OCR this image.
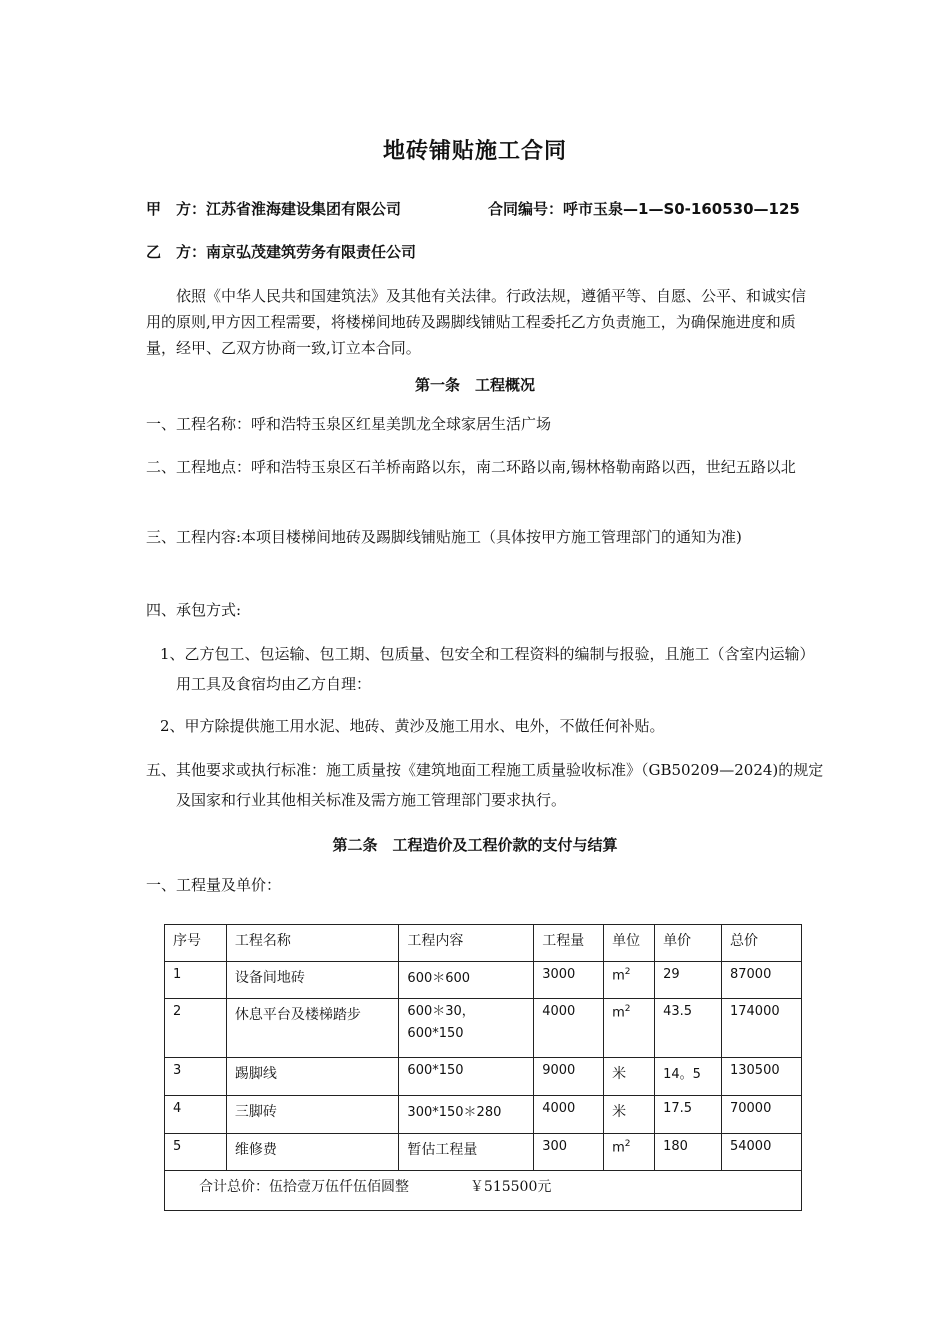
地砖铺贴施工合同
甲　方：江苏省淮海建设集团有限公司	合同编号：呼市玉泉—1—S0-160530—125
乙　方：南京弘茂建筑劳务有限责任公司
依照《中华人民共和国建筑法》及其他有关法律。行政法规，遵循平等、自愿、公平、和诚实信用的原则,甲方因工程需要，将楼梯间地砖及踢脚线铺贴工程委托乙方负责施工，为确保施进度和质量，经甲、乙双方协商一致,订立本合同。
第一条　工程概况
一、工程名称：呼和浩特玉泉区红星美凯龙全球家居生活广场
二、工程地点：呼和浩特玉泉区石羊桥南路以东，南二环路以南,锡林格勒南路以西，世纪五路以北
三、工程内容:本项目楼梯间地砖及踢脚线铺贴施工（具体按甲方施工管理部门的通知为准)
四、承包方式:
1、乙方包工、包运输、包工期、包质量、包安全和工程资料的编制与报验，且施工（含室内运输）用工具及食宿均由乙方自理：
2、甲方除提供施工用水泥、地砖、黄沙及施工用水、电外，不做任何补贴。
五、其他要求或执行标准：施工质量按《建筑地面工程施工质量验收标准》（GB50209—2024)的规定及国家和行业其他相关标准及需方施工管理部门要求执行。
第二条　工程造价及工程价款的支付与结算
一、工程量及单价：
序号	工程名称	工程内容	工程量	单位	单价	总价
1	设备间地砖	600＊600	3000	$m^2$	29	87000
2	休息平台及楼梯踏步	600＊30，600*150	4000	$m^2$	43.5	174000
3	踢脚线	600*150	9000	米	14。5	130500
4	三脚砖	300*150＊280	4000	米	17.5	70000
5	维修费	暂估工程量	300	$m^2$	180	54000
合计总价：伍拾壹万伍仟伍佰圆整 ￥515500元						
